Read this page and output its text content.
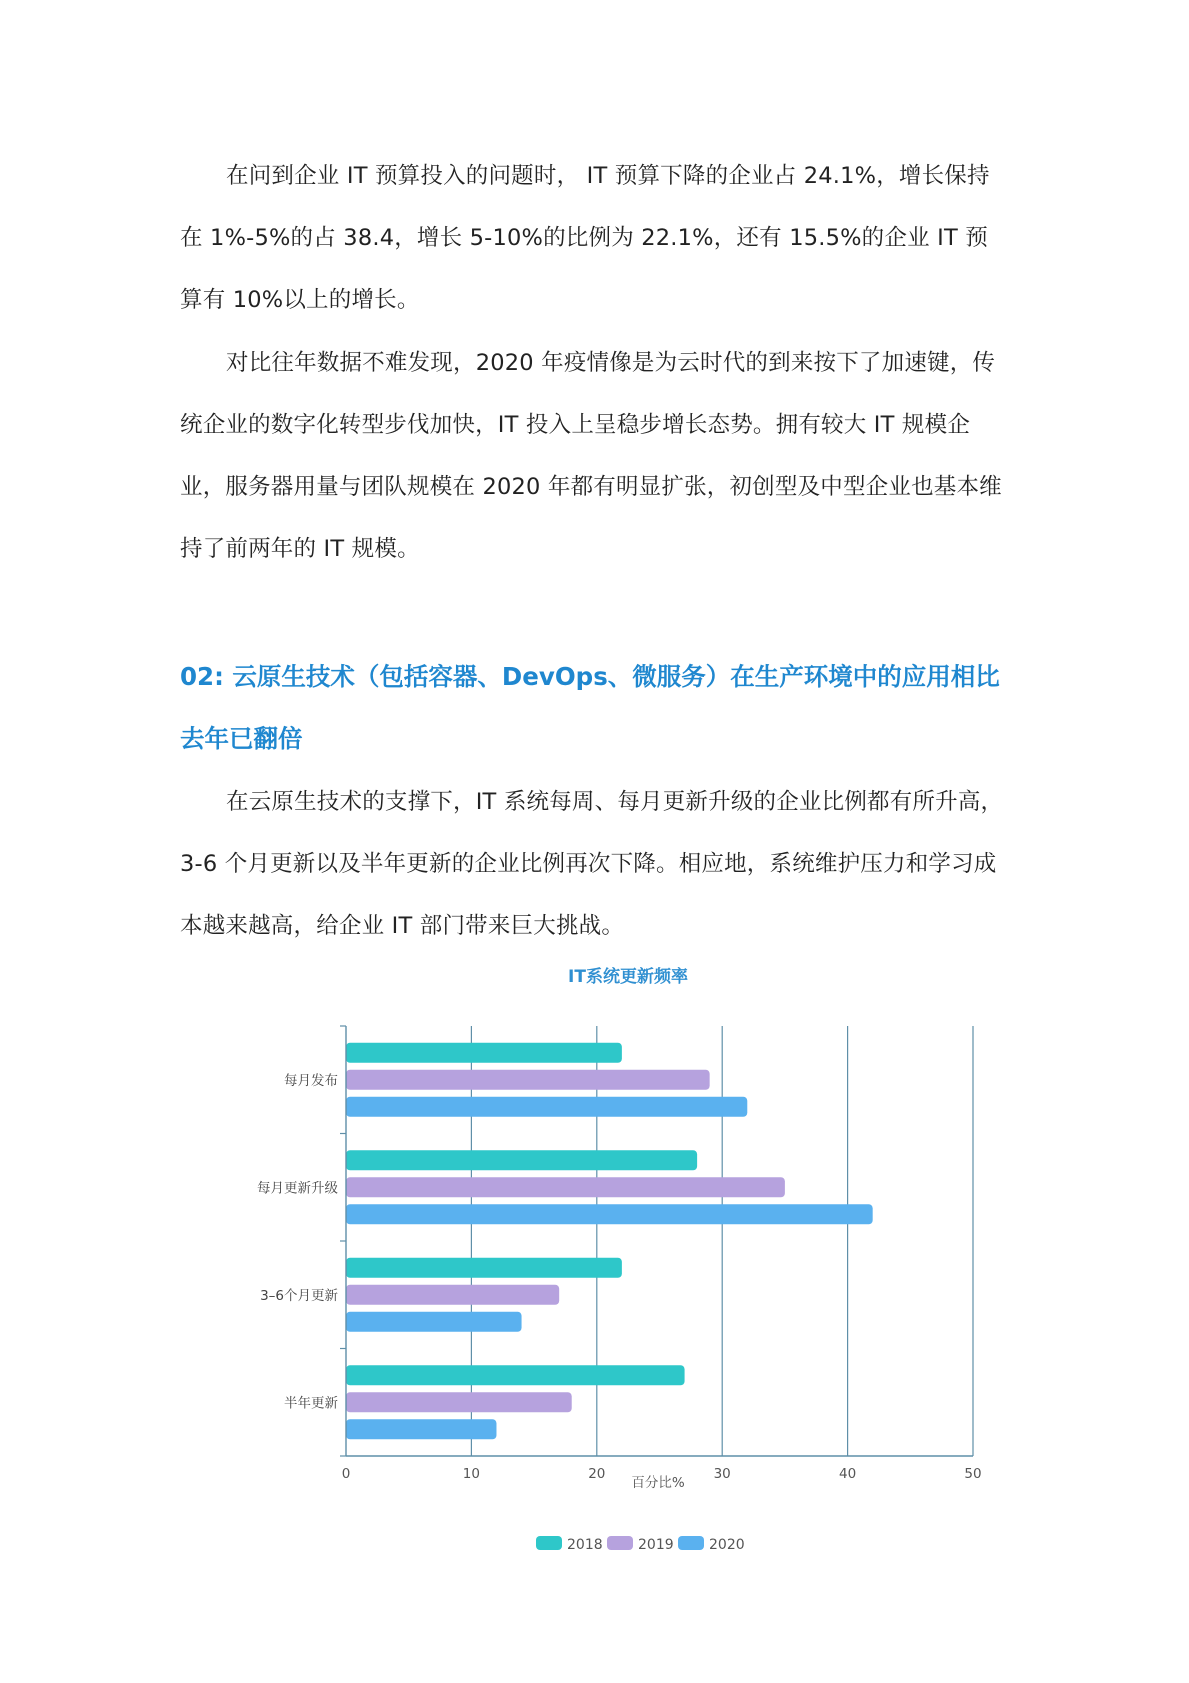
在问到企业 IT 预算投入的问题时， IT 预算下降的企业占 24.1%，增长保持在 1%-5%的占 38.4，增长 5-10%的比例为 22.1%，还有 15.5%的企业 IT 预算有 10%以上的增长。

对比往年数据不难发现，2020 年疫情像是为云时代的到来按下了加速键，传统企业的数字化转型步伐加快，IT 投入上呈稳步增长态势。拥有较大 IT 规模企业，服务器用量与团队规模在 2020 年都有明显扩张，初创型及中型企业也基本维持了前两年的 IT 规模。

02: 云原生技术（包括容器、DevOps、微服务）在生产环境中的应用相比去年已翻倍

在云原生技术的支撑下，IT 系统每周、每月更新升级的企业比例都有所升高，3-6 个月更新以及半年更新的企业比例再次下降。相应地，系统维护压力和学习成本越来越高，给企业 IT 部门带来巨大挑战。

IT系统更新频率
0	10	20	30	40	50
每月发布
每月更新升级
3–6个月更新
半年更新
百分比%
2018	2019	2020
